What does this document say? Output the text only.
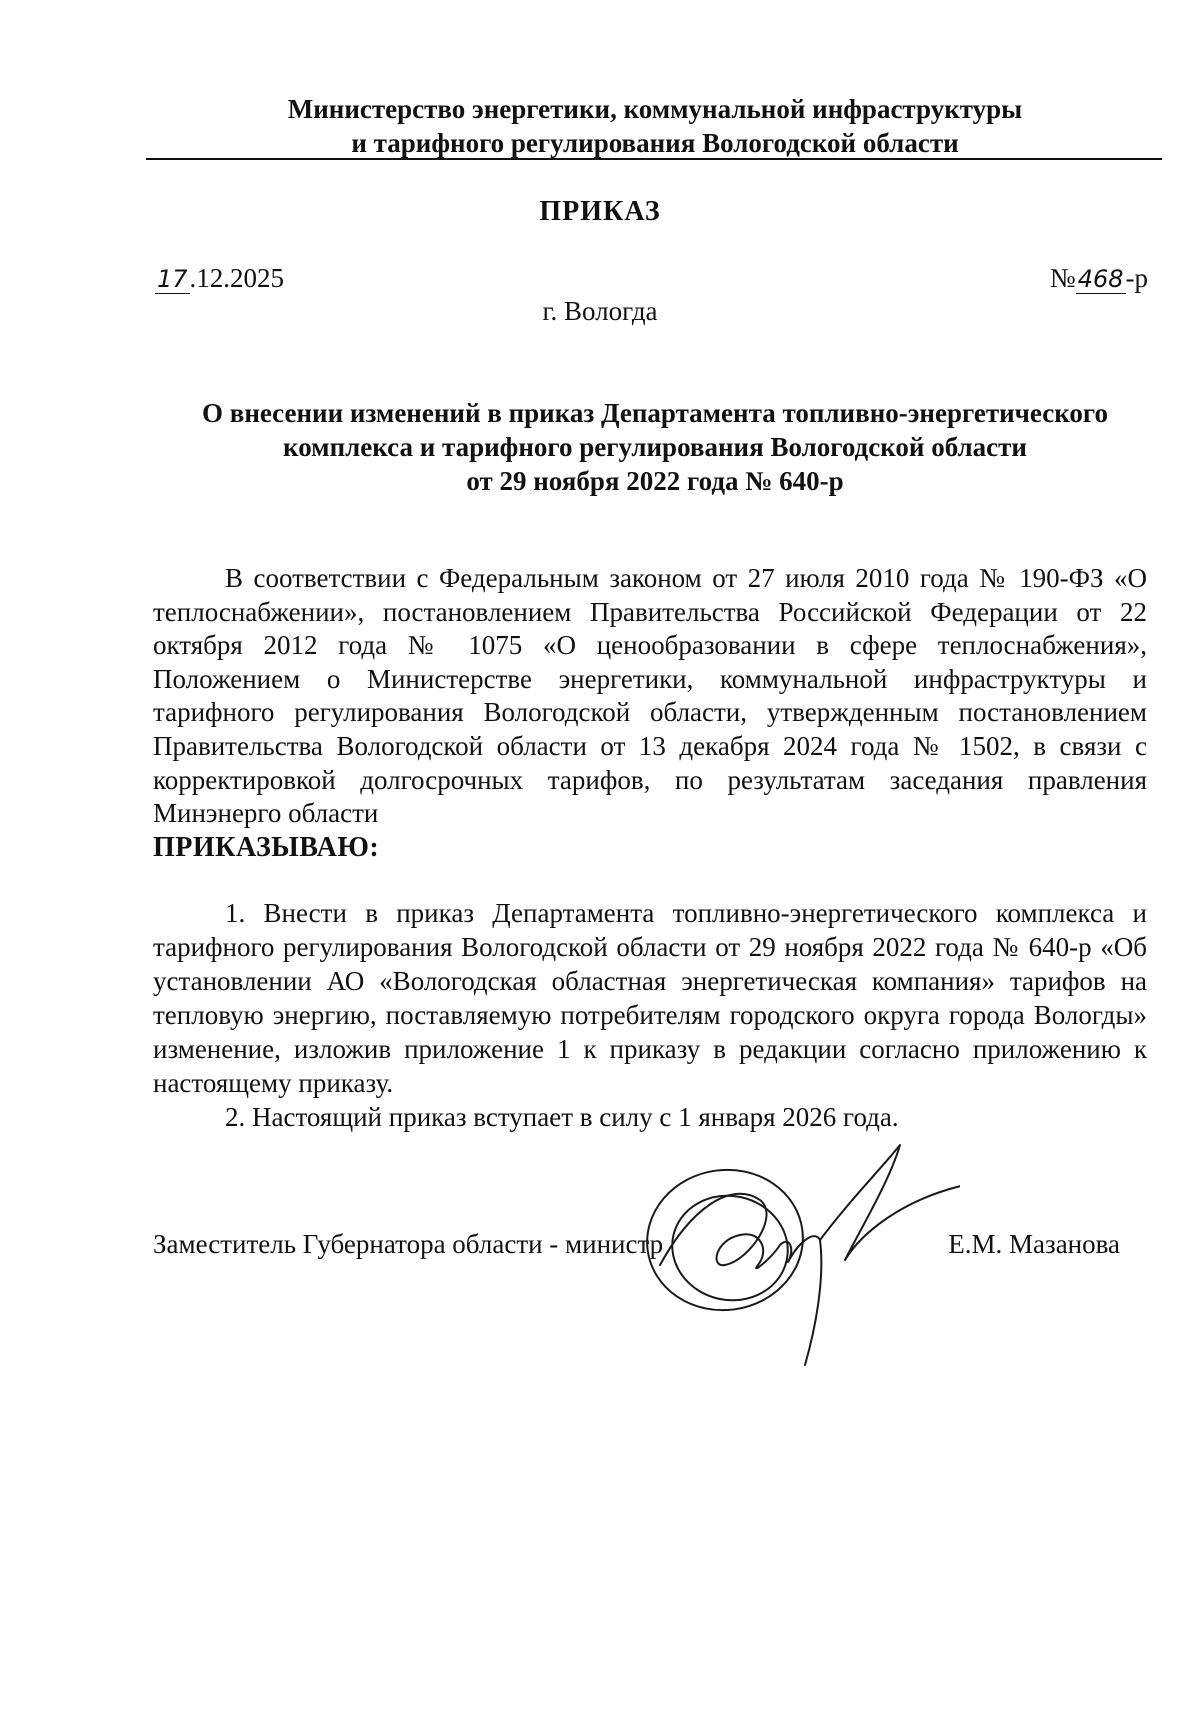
Министерство энергетики, коммунальной инфраструктуры
и тарифного регулирования Вологодской области
ПРИКАЗ
17.12.2025	№468-р
г. Вологда
О внесении изменений в приказ Департамента топливно-энергетического
комплекса и тарифного регулирования Вологодской области
от 29 ноября 2022 года № 640-р
В соответствии с Федеральным законом от 27 июля 2010 года № 190-ФЗ «О теплоснабжении», постановлением Правительства Российской Федерации от 22 октября 2012 года № 1075 «О ценообразовании в сфере теплоснабжения», Положением о Министерстве энергетики, коммунальной инфраструктуры и тарифного регулирования Вологодской области, утвержденным постановлением Правительства Вологодской области от 13 декабря 2024 года № 1502, в связи с корректировкой долгосрочных тарифов, по результатам заседания правления Минэнерго области
ПРИКАЗЫВАЮ:

1. Внести в приказ Департамента топливно-энергетического комплекса и тарифного регулирования Вологодской области от 29 ноября 2022 года № 640-р «Об установлении АО «Вологодская областная энергетическая компания» тарифов на тепловую энергию, поставляемую потребителям городского округа города Вологды» изменение, изложив приложение 1 к приказу в редакции согласно приложению к настоящему приказу.

2. Настоящий приказ вступает в силу с 1 января 2026 года.

Заместитель Губернатора области - министр	Е.М. Мазанова
